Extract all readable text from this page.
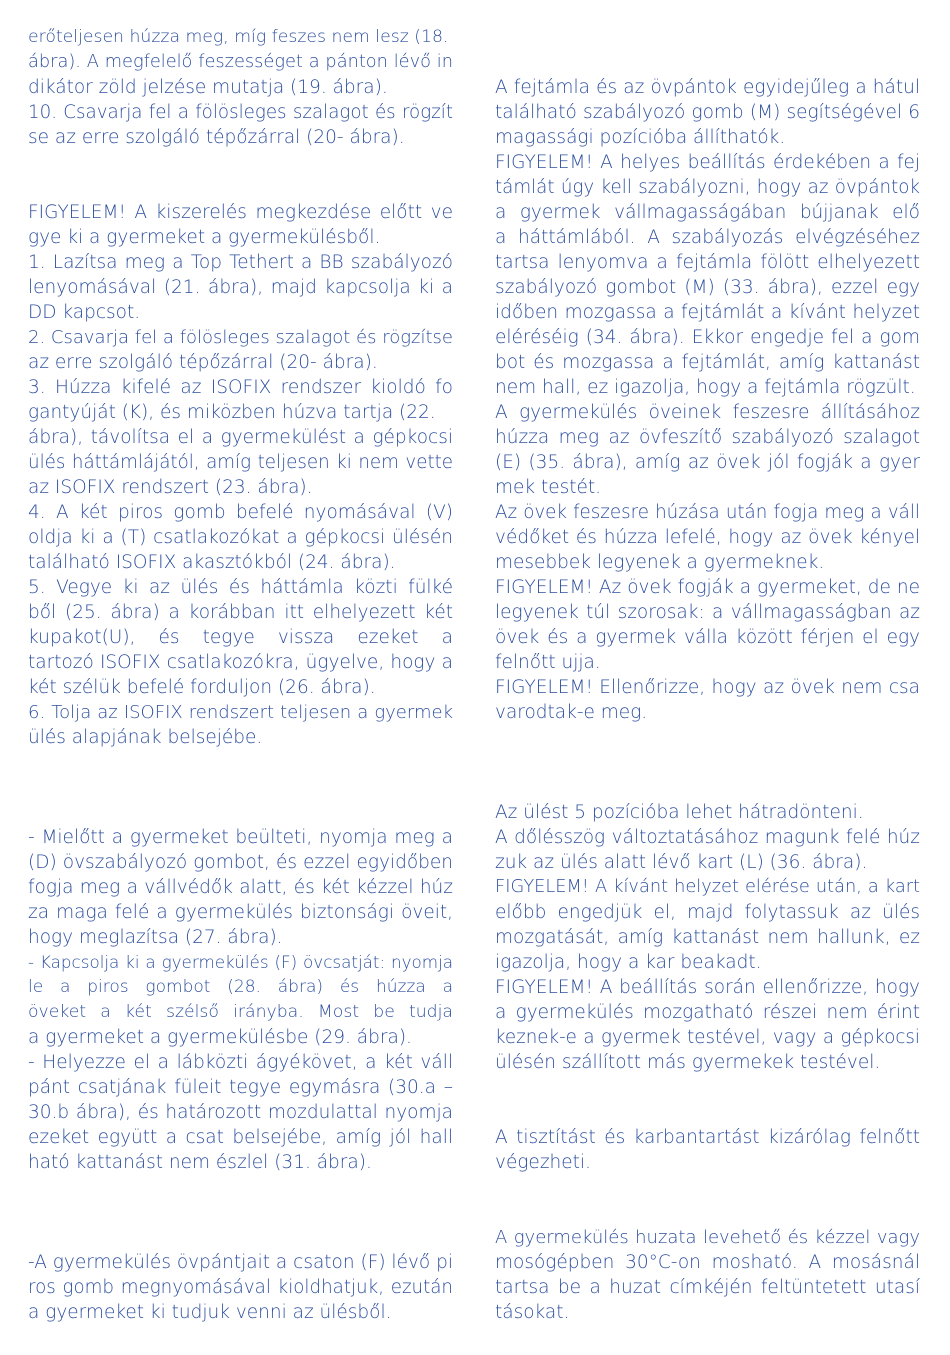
erőteljesen húzza meg, míg feszes nem lesz (18.
ábra). A megfelelő feszességet a pánton lévő in
dikátor zöld jelzése mutatja (19. ábra).
10. Csavarja fel a fölösleges szalagot és rögzít
se az erre szolgáló tépőzárral (20- ábra).
FIGYELEM! A kiszerelés megkezdése előtt ve
gye ki a gyermeket a gyermekülésből.
1. Lazítsa meg a Top Tethert a BB szabályozó
lenyomásával (21. ábra), majd kapcsolja ki a
DD kapcsot.
2. Csavarja fel a fölösleges szalagot és rögzítse
az erre szolgáló tépőzárral (20- ábra).
3. Húzza kifelé az ISOFIX rendszer kioldó fo
gantyúját (K), és miközben húzva tartja (22.
ábra), távolítsa el a gyermekülést a gépkocsi
ülés háttámlájától, amíg teljesen ki nem vette
az ISOFIX rendszert (23. ábra).
4. A két piros gomb befelé nyomásával (V)
oldja ki a (T) csatlakozókat a gépkocsi ülésén
található ISOFIX akasztókból (24. ábra).
5. Vegye ki az ülés és háttámla közti fülké
ből (25. ábra) a korábban itt elhelyezett két
kupakot(U), és tegye vissza ezeket a
tartozó ISOFIX csatlakozókra, ügyelve, hogy a
két szélük befelé forduljon (26. ábra).
6. Tolja az ISOFIX rendszert teljesen a gyermek
ülés alapjának belsejébe.
- Mielőtt a gyermeket beülteti, nyomja meg a
(D) övszabályozó gombot, és ezzel egyidőben
fogja meg a vállvédők alatt, és két kézzel húz
za maga felé a gyermekülés biztonsági öveit,
hogy meglazítsa (27. ábra).
- Kapcsolja ki a gyermekülés (F) övcsatját: nyomja
le a piros gombot (28. ábra) és húzza a
öveket a két szélső irányba. Most be tudja
a gyermeket a gyermekülésbe (29. ábra).
- Helyezze el a lábközti ágyékövet, a két váll
pánt csatjának füleit tegye egymásra (30.a –
30.b ábra), és határozott mozdulattal nyomja
ezeket együtt a csat belsejébe, amíg jól hall
ható kattanást nem észlel (31. ábra).
-A gyermekülés övpántjait a csaton (F) lévő pi
ros gomb megnyomásával kioldhatjuk, ezután
a gyermeket ki tudjuk venni az ülésből.
A fejtámla és az övpántok egyidejűleg a hátul
található szabályozó gomb (M) segítségével 6
magassági pozícióba állíthatók.
FIGYELEM! A helyes beállítás érdekében a fej
támlát úgy kell szabályozni, hogy az övpántok
a gyermek vállmagasságában bújjanak elő
a háttámlából. A szabályozás elvégzéséhez
tartsa lenyomva a fejtámla fölött elhelyezett
szabályozó gombot (M) (33. ábra), ezzel egy
időben mozgassa a fejtámlát a kívánt helyzet
eléréséig (34. ábra). Ekkor engedje fel a gom
bot és mozgassa a fejtámlát, amíg kattanást
nem hall, ez igazolja, hogy a fejtámla rögzült.
A gyermekülés öveinek feszesre állításához
húzza meg az övfeszítő szabályozó szalagot
(E) (35. ábra), amíg az övek jól fogják a gyer
mek testét.
Az övek feszesre húzása után fogja meg a váll
védőket és húzza lefelé, hogy az övek kényel
mesebbek legyenek a gyermeknek.
FIGYELEM! Az övek fogják a gyermeket, de ne
legyenek túl szorosak: a vállmagasságban az
övek és a gyermek válla között férjen el egy
felnőtt ujja.
FIGYELEM! Ellenőrizze, hogy az övek nem csa
varodtak-e meg.
Az ülést 5 pozícióba lehet hátradönteni.
A dőlésszög változtatásához magunk felé húz
zuk az ülés alatt lévő kart (L) (36. ábra).
FIGYELEM! A kívánt helyzet elérése után, a kart
előbb engedjük el, majd folytassuk az ülés
mozgatását, amíg kattanást nem hallunk, ez
igazolja, hogy a kar beakadt.
FIGYELEM! A beállítás során ellenőrizze, hogy
a gyermekülés mozgatható részei nem érint
keznek-e a gyermek testével, vagy a gépkocsi
ülésén szállított más gyermekek testével.
A tisztítást és karbantartást kizárólag felnőtt
végezheti.
A gyermekülés huzata levehető és kézzel vagy
mosógépben 30°C-on mosható. A mosásnál
tartsa be a huzat címkéjén feltüntetett utasí
tásokat.
